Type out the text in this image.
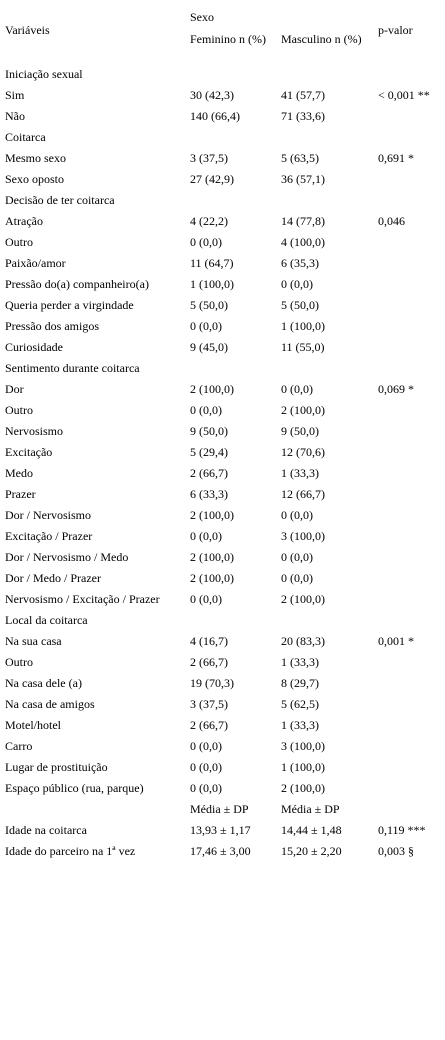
Variáveis	Sexo		p-valor
	Feminino n (%)	Masculino n (%)	

Iniciação sexual			
Sim	30 (42,3)	41 (57,7)	< 0,001 **
Não	140 (66,4)	71 (33,6)	
Coitarca			
Mesmo sexo	3 (37,5)	5 (63,5)	0,691 *
Sexo oposto	27 (42,9)	36 (57,1)	
Decisão de ter coitarca			
Atração	4 (22,2)	14 (77,8)	0,046
Outro	0 (0,0)	4 (100,0)	
Paixão/amor	11 (64,7)	6 (35,3)	
Pressão do(a) companheiro(a)	1 (100,0)	0 (0,0)	
Queria perder a virgindade	5 (50,0)	5 (50,0)	
Pressão dos amigos	0 (0,0)	1 (100,0)	
Curiosidade	9 (45,0)	11 (55,0)	
Sentimento durante coitarca			
Dor	2 (100,0)	0 (0,0)	0,069 *
Outro	0 (0,0)	2 (100,0)	
Nervosismo	9 (50,0)	9 (50,0)	
Excitação	5 (29,4)	12 (70,6)	
Medo	2 (66,7)	1 (33,3)	
Prazer	6 (33,3)	12 (66,7)	
Dor / Nervosismo	2 (100,0)	0 (0,0)	
Excitação / Prazer	0 (0,0)	3 (100,0)	
Dor / Nervosismo / Medo	2 (100,0)	0 (0,0)	
Dor / Medo / Prazer	2 (100,0)	0 (0,0)	
Nervosismo / Excitação / Prazer	0 (0,0)	2 (100,0)	
Local da coitarca			
Na sua casa	4 (16,7)	20 (83,3)	0,001 *
Outro	2 (66,7)	1 (33,3)	
Na casa dele (a)	19 (70,3)	8 (29,7)	
Na casa de amigos	3 (37,5)	5 (62,5)	
Motel/hotel	2 (66,7)	1 (33,3)	
Carro	0 (0,0)	3 (100,0)	
Lugar de prostituição	0 (0,0)	1 (100,0)	
Espaço público (rua, parque)	0 (0,0)	2 (100,0)	
	Média ± DP	Média ± DP	
Idade na coitarca	13,93 ± 1,17	14,44 ± 1,48	0,119 ***
Idade do parceiro na 1ª vez	17,46 ± 3,00	15,20 ± 2,20	0,003 §
